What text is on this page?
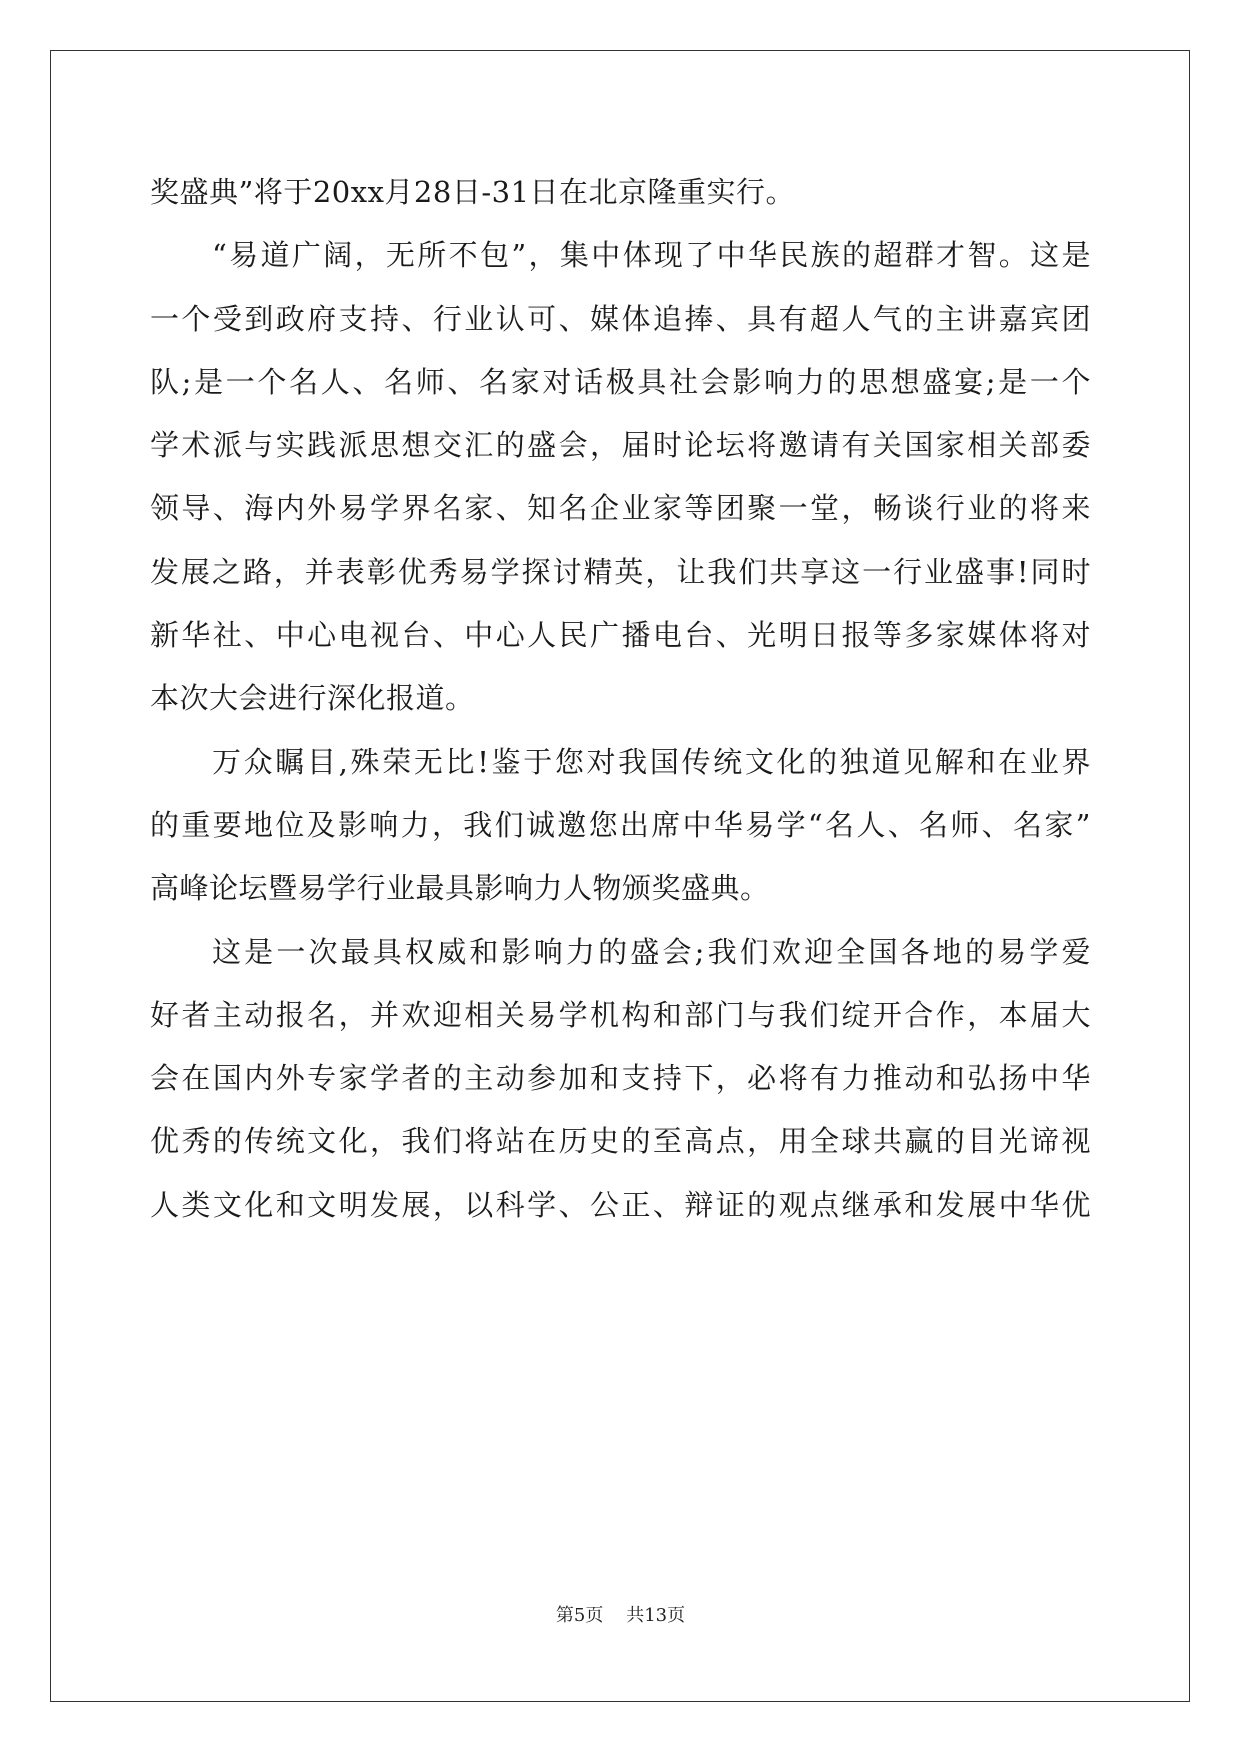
奖盛典”将于20xx月28日-31日在北京隆重实行。
“易道广阔，无所不包”，集中体现了中华民族的超群才智。这是
一个受到政府支持、行业认可、媒体追捧、具有超人气的主讲嘉宾团
队;是一个名人、名师、名家对话极具社会影响力的思想盛宴;是一个
学术派与实践派思想交汇的盛会，届时论坛将邀请有关国家相关部委
领导、海内外易学界名家、知名企业家等团聚一堂，畅谈行业的将来
发展之路，并表彰优秀易学探讨精英，让我们共享这一行业盛事!同时
新华社、中心电视台、中心人民广播电台、光明日报等多家媒体将对
本次大会进行深化报道。
万众瞩目,殊荣无比!鉴于您对我国传统文化的独道见解和在业界
的重要地位及影响力，我们诚邀您出席中华易学“名人、名师、名家”
高峰论坛暨易学行业最具影响力人物颁奖盛典。
这是一次最具权威和影响力的盛会;我们欢迎全国各地的易学爱
好者主动报名，并欢迎相关易学机构和部门与我们绽开合作，本届大
会在国内外专家学者的主动参加和支持下，必将有力推动和弘扬中华
优秀的传统文化，我们将站在历史的至高点，用全球共赢的目光谛视
人类文化和文明发展，以科学、公正、辩证的观点继承和发展中华优
第5页 共13页
